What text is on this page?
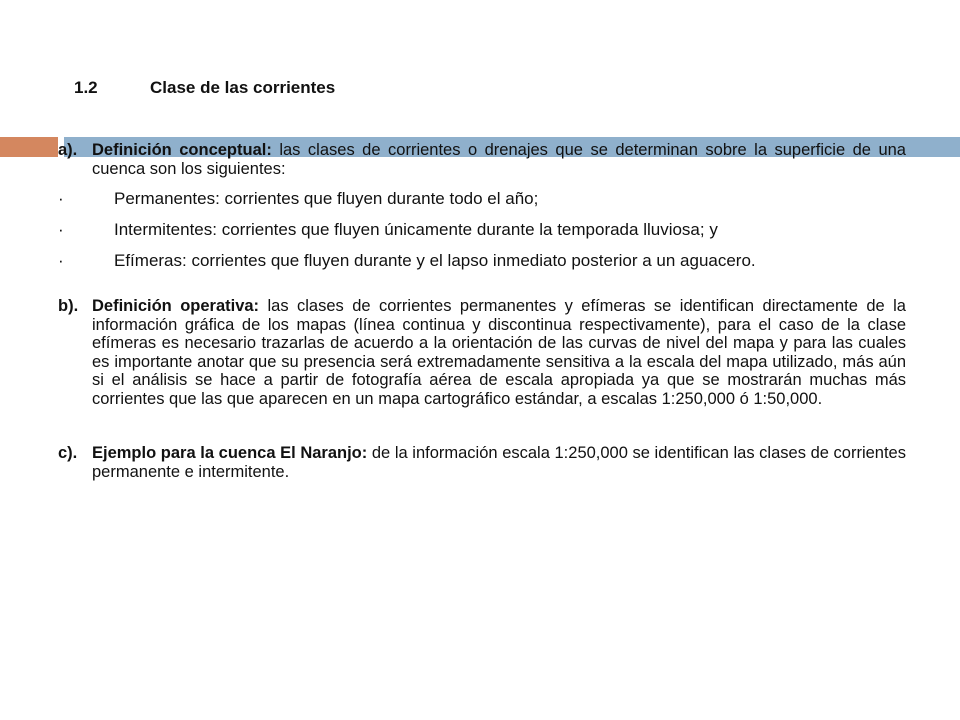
1.2	Clase de las corrientes
a). Definición conceptual: las clases de corrientes o drenajes que se determinan sobre la superficie de una cuenca son los siguientes:
·	Permanentes: corrientes que fluyen durante todo el año;
·	Intermitentes: corrientes que fluyen únicamente durante la temporada lluviosa; y
·	Efímeras: corrientes que fluyen durante y el lapso inmediato posterior a un aguacero.
b). Definición operativa: las clases de corrientes permanentes y efímeras se identifican directamente de la información gráfica de los mapas (línea continua y discontinua respectivamente), para el caso de la clase efímeras es necesario trazarlas de acuerdo a la orientación de las curvas de nivel del mapa y para las cuales es importante anotar que su presencia será extremadamente sensitiva a la escala del mapa utilizado, más aún si el análisis se hace a partir de fotografía aérea de escala apropiada ya que se mostrarán muchas más corrientes que las que aparecen en un mapa cartográfico estándar, a escalas 1:250,000 ó 1:50,000.
c). Ejemplo para la cuenca El Naranjo: de la información escala 1:250,000 se identifican las clases de corrientes permanente e intermitente.
